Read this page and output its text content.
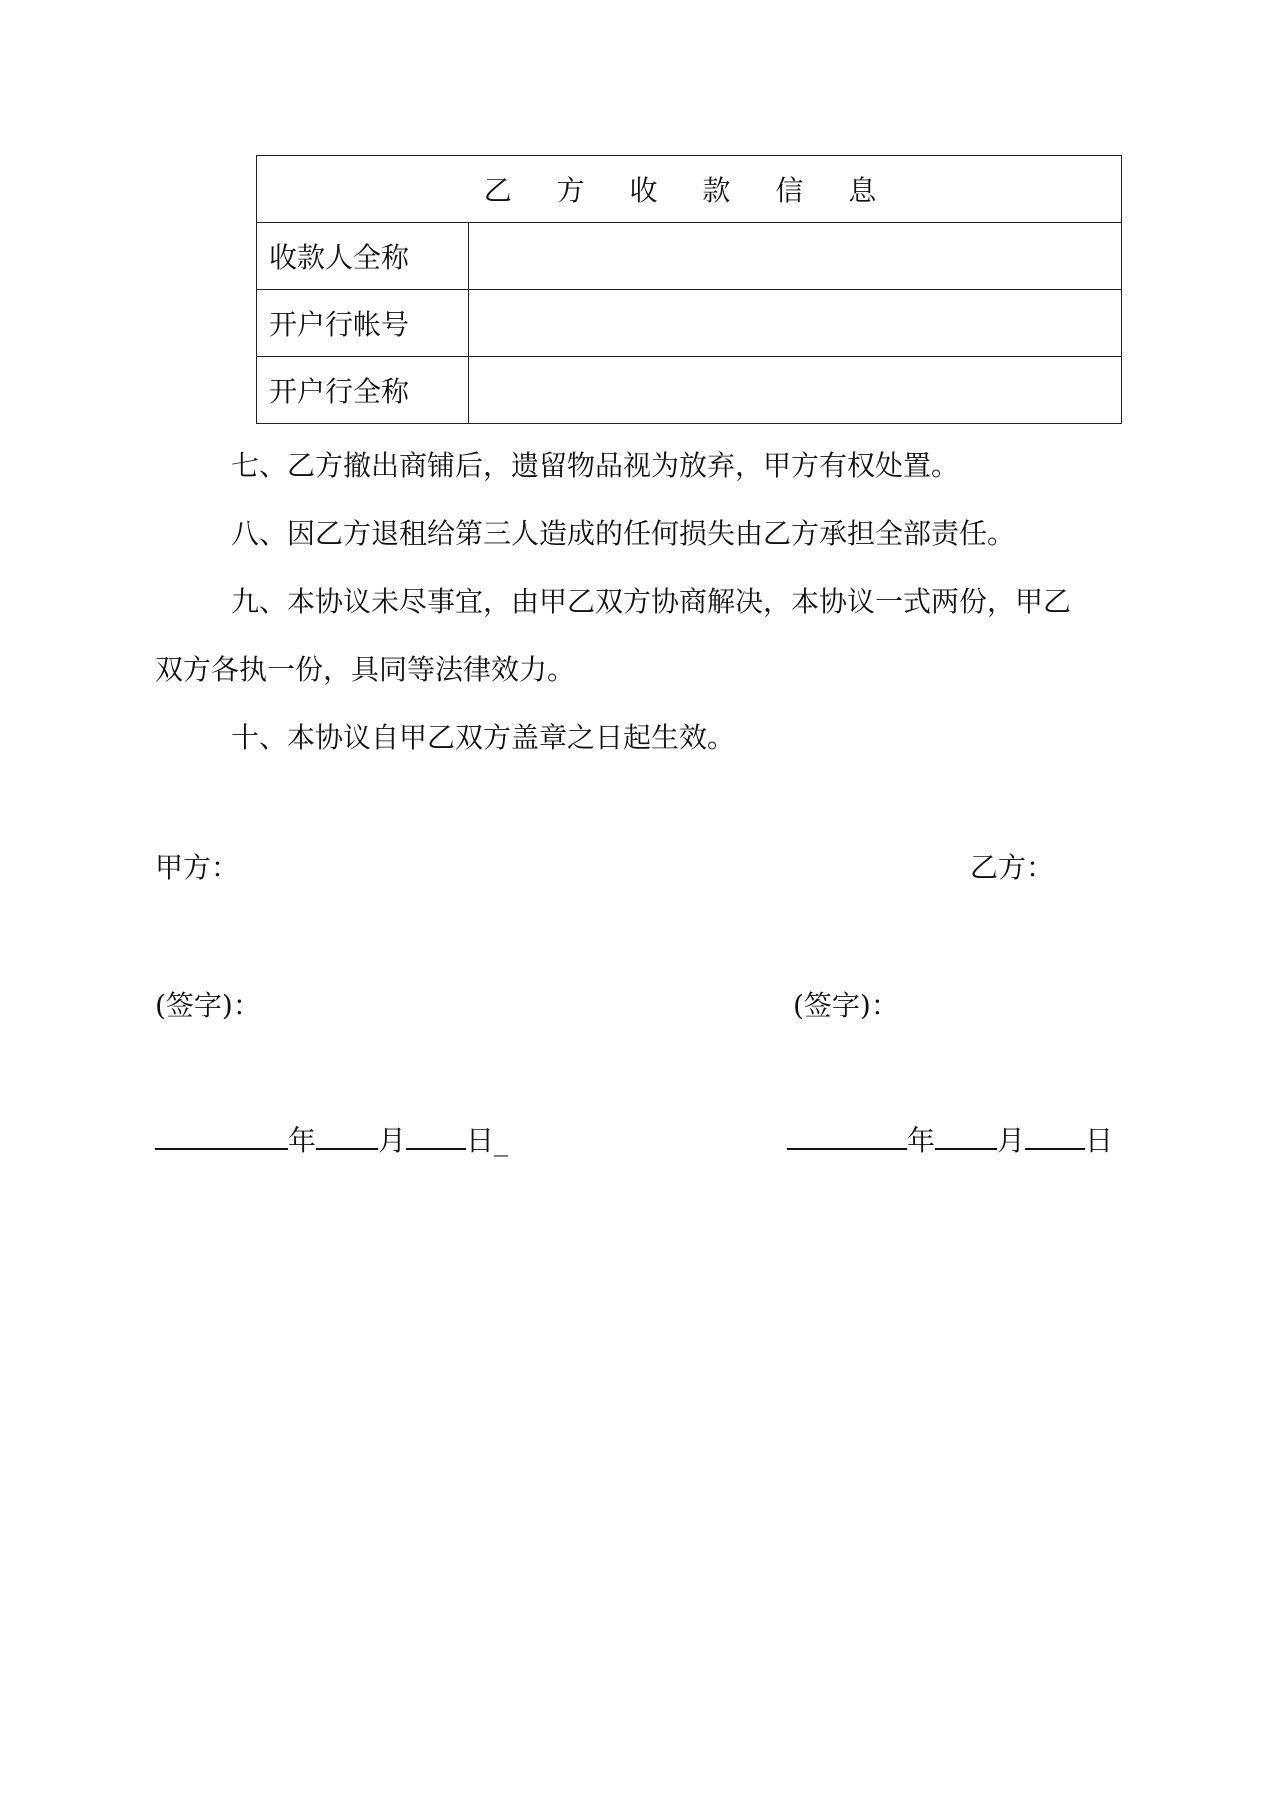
乙 方 收 款 信 息	
收款人全称	
开户行帐号	
开户行全称	

七、乙方撤出商铺后，遗留物品视为放弃，甲方有权处置。

八、因乙方退租给第三人造成的任何损失由乙方承担全部责任。

九、本协议未尽事宜，由甲乙双方协商解决，本协议一式两份，甲乙

双方各执一份，具同等法律效力。

十、本协议自甲乙双方盖章之日起生效。

甲方：	乙方：
(签字)：	(签字)：
年 月 日_	年 月 日
